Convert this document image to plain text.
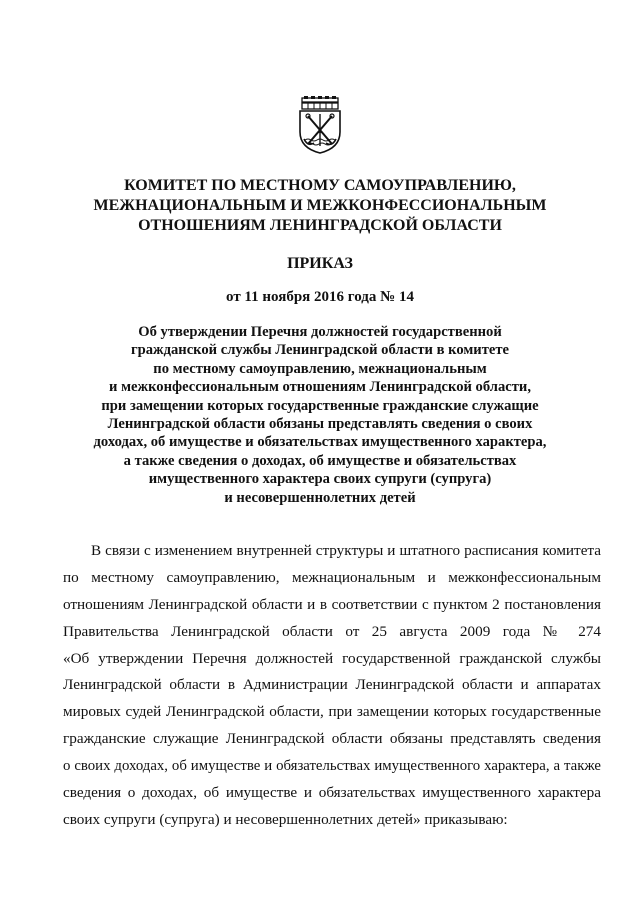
КОМИТЕТ ПО МЕСТНОМУ САМОУПРАВЛЕНИЮ,
МЕЖНАЦИОНАЛЬНЫМ И МЕЖКОНФЕССИОНАЛЬНЫМ
ОТНОШЕНИЯМ ЛЕНИНГРАДСКОЙ ОБЛАСТИ
ПРИКАЗ
от 11 ноября 2016 года № 14
Об утверждении Перечня должностей государственной
гражданской службы Ленинградской области в комитете
по местному самоуправлению, межнациональным
и межконфессиональным отношениям Ленинградской области,
при замещении которых государственные гражданские служащие
Ленинградской области обязаны представлять сведения о своих
доходах, об имуществе и обязательствах имущественного характера,
а также сведения о доходах, об имуществе и обязательствах
имущественного характера своих супруги (супруга)
и несовершеннолетних детей
В связи с изменением внутренней структуры и штатного расписания комитета
по местному самоуправлению, межнациональным и межконфессиональным
отношениям Ленинградской области и в соответствии с пунктом 2 постановления
Правительства Ленинградской области от 25 августа 2009 года № 274
«Об утверждении Перечня должностей государственной гражданской службы
Ленинградской области в Администрации Ленинградской области и аппаратах
мировых судей Ленинградской области, при замещении которых государственные
гражданские служащие Ленинградской области обязаны представлять сведения
о своих доходах, об имуществе и обязательствах имущественного характера, а также
сведения о доходах, об имуществе и обязательствах имущественного характера
своих супруги (супруга) и несовершеннолетних детей» приказываю:
